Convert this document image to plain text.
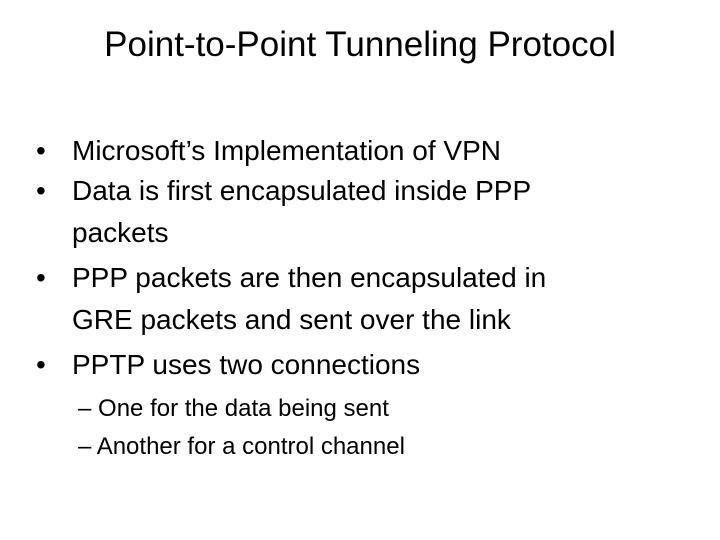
Point-to-Point Tunneling Protocol
• Microsoft’s Implementation of VPN
• Data is first encapsulated inside PPP
packets
• PPP packets are then encapsulated in
GRE packets and sent over the link
• PPTP uses two connections
– One for the data being sent
– Another for a control channel
